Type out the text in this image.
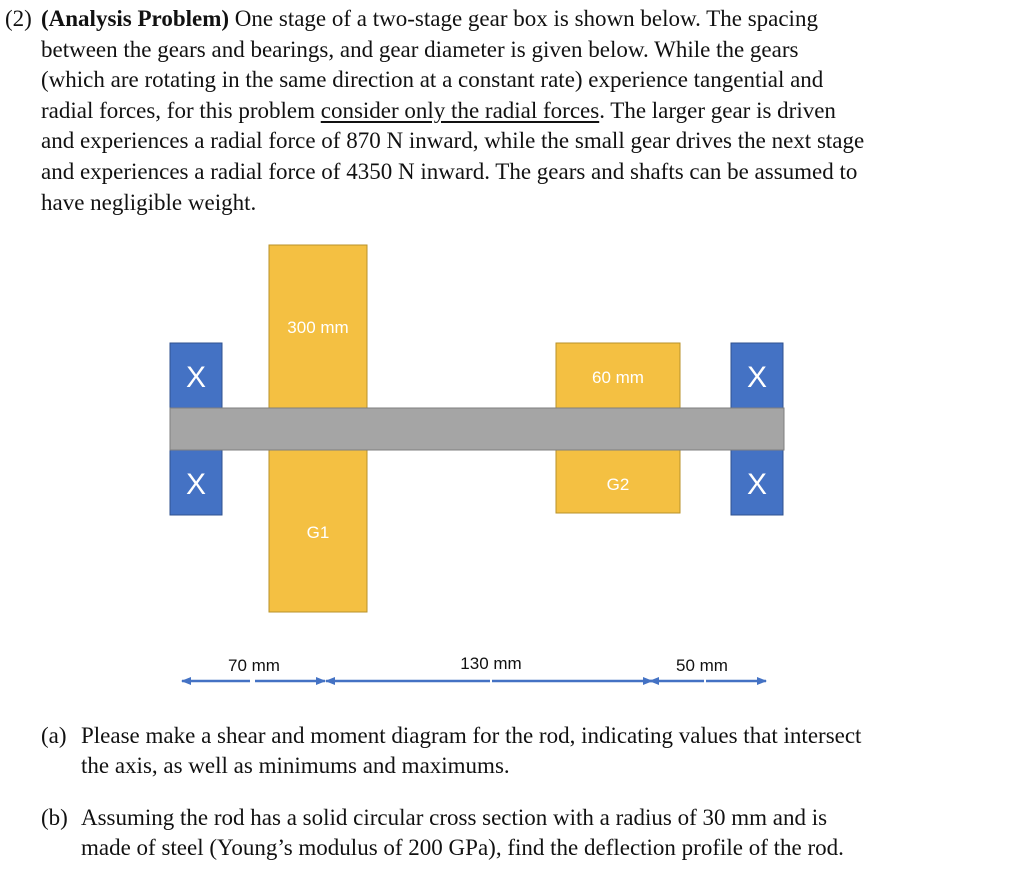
(2) (Analysis Problem) One stage of a two-stage gear box is shown below. The spacing
between the gears and bearings, and gear diameter is given below. While the gears
(which are rotating in the same direction at a constant rate) experience tangential and
radial forces, for this problem consider only the radial forces. The larger gear is driven
and experiences a radial force of 870 N inward, while the small gear drives the next stage
and experiences a radial force of 4350 N inward. The gears and shafts can be assumed to
have negligible weight.
X
X
X
X
300 mm
G1
60 mm
G2
70 mm	130 mm	50 mm
(a) Please make a shear and moment diagram for the rod, indicating values that intersect
the axis, as well as minimums and maximums.
(b) Assuming the rod has a solid circular cross section with a radius of 30 mm and is
made of steel (Young’s modulus of 200 GPa), find the deflection profile of the rod.
